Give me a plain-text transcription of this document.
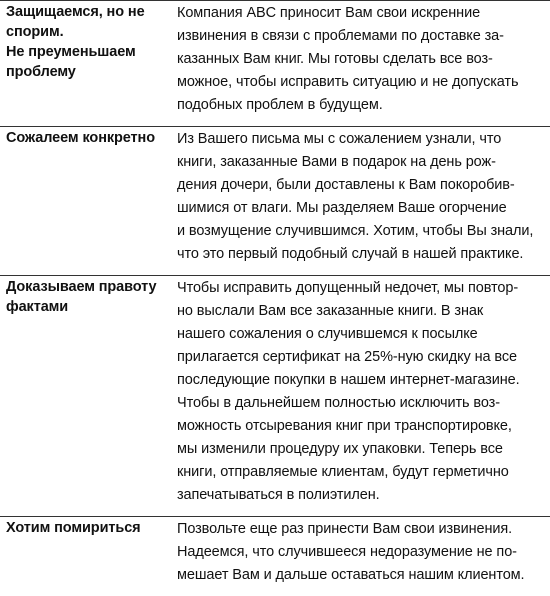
Защищаемся, но не
спорим.
Не преуменьшаем
проблему
Компания ABC приносит Вам свои искренние
извинения в связи с проблемами по доставке за-
казанных Вам книг. Мы готовы сделать все воз-
можное, чтобы исправить ситуацию и не допускать
подобных проблем в будущем.
Сожалеем конкретно	Из Вашего письма мы с сожалением узнали, что
книги, заказанные Вами в подарок на день рож-
дения дочери, были доставлены к Вам покоробив-
шимися от влаги. Мы разделяем Ваше огорчение
и возмущение случившимся. Хотим, чтобы Вы знали,
что это первый подобный случай в нашей практике.
Доказываем правоту
фактами
Чтобы исправить допущенный недочет, мы повтор-
но выслали Вам все заказанные книги. В знак
нашего сожаления о случившемся к посылке
прилагается сертификат на 25%-ную скидку на все
последующие покупки в нашем интернет-магазине.
Чтобы в дальнейшем полностью исключить воз-
можность отсыревания книг при транспортировке,
мы изменили процедуру их упаковки. Теперь все
книги, отправляемые клиентам, будут герметично
запечатываться в полиэтилен.
Хотим помириться	Позвольте еще раз принести Вам свои извинения.
Надеемся, что случившееся недоразумение не по-
мешает Вам и дальше оставаться нашим клиентом.
